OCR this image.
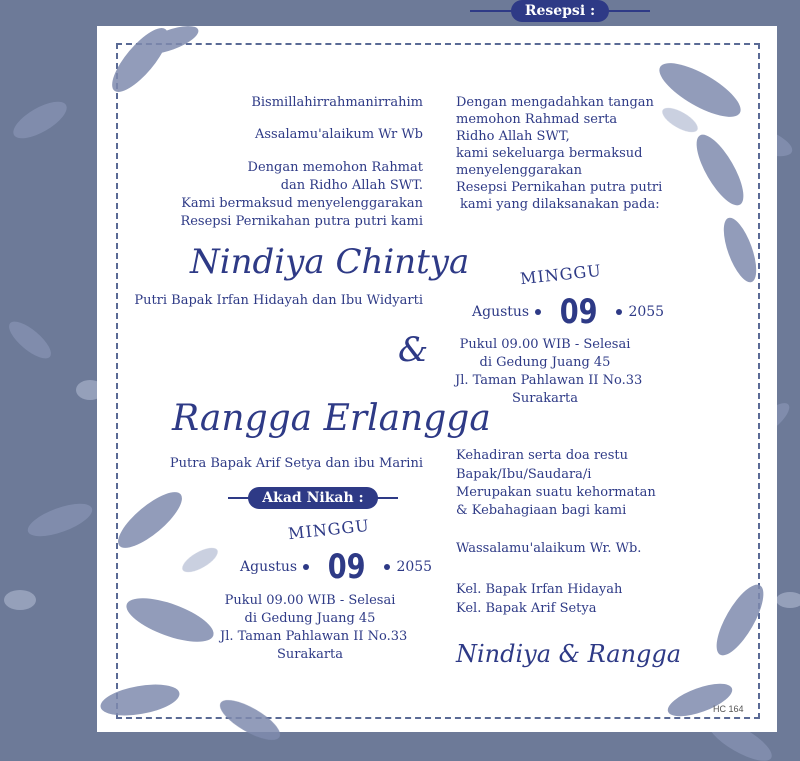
Bismillahirrahmanirrahim
Assalamu'alaikum Wr Wb
Dengan memohon Rahmat
dan Ridho Allah SWT.
Kami bermaksud menyelenggarakan
Resepsi Pernikahan putra putri kami
Nindiya Chintya
Putri Bapak Irfan Hidayah dan Ibu Widyarti
&
Rangga Erlangga
Putra Bapak Arif Setya dan ibu Marini
Akad Nikah :
MINGGU
Agustus 09 2055
Pukul 09.00 WIB - Selesai
di Gedung Juang 45
Jl. Taman Pahlawan II No.33
Surakarta
Dengan mengadahkan tangan
memohon Rahmad serta
Ridho Allah SWT,
kami sekeluarga bermaksud
menyelenggarakan
Resepsi Pernikahan putra putri
kami yang dilaksanakan pada:
Resepsi :
MINGGU
Agustus 09 2055
Pukul 09.00 WIB - Selesai
di Gedung Juang 45
Jl. Taman Pahlawan II No.33
Surakarta
Kehadiran serta doa restu
Bapak/Ibu/Saudara/i
Merupakan suatu kehormatan
& Kebahagiaan bagi kami
Wassalamu'alaikum Wr. Wb.
Kel. Bapak Irfan Hidayah
Kel. Bapak Arif Setya
Nindiya & Rangga
HC 164
